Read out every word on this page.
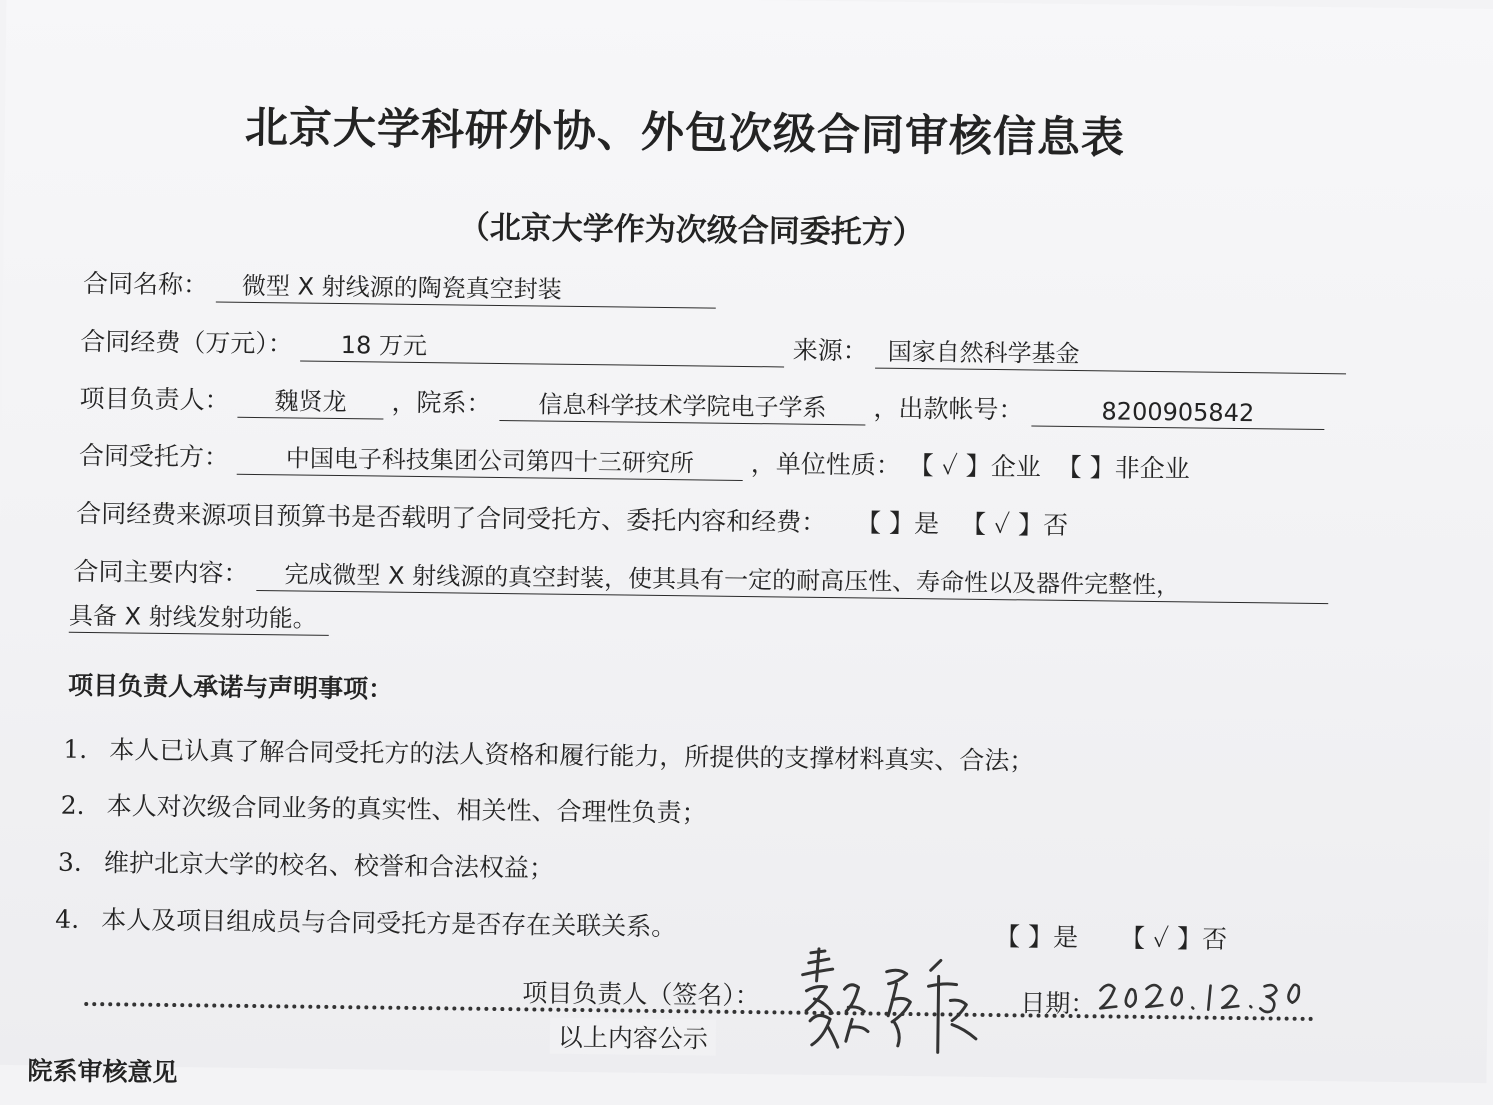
北京大学科研外协、外包次级合同审核信息表
（北京大学作为次级合同委托方）
合同名称： 微型 X 射线源的陶瓷真空封装
合同经费（万元）： 18 万元	来源： 国家自然科学基金
项目负责人： 魏贤龙 ，院系： 信息科学技术学院电子学系 ，出款帐号：	8200905842
合同受托方： 中国电子科技集团公司第四十三研究所 ，单位性质： 【 ✓ 】企业 【 】非企业
合同经费来源项目预算书是否载明了合同受托方、委托内容和经费： 【 】是 【 ✓ 】否
合同主要内容： 完成微型 X 射线源的真空封装，使其具有一定的耐高压性、寿命性以及器件完整性，
具备 X 射线发射功能。
项目负责人承诺与声明事项：
1. 本人已认真了解合同受托方的法人资格和履行能力，所提供的支撑材料真实、合法；
2. 本人对次级合同业务的真实性、相关性、合理性负责；
3. 维护北京大学的校名、校誉和合法权益；
4. 本人及项目组成员与合同受托方是否存在关联关系。	【 】是 【 ✓ 】否
项目负责人（签名）：	日期：
以上内容公示
院系审核意见
